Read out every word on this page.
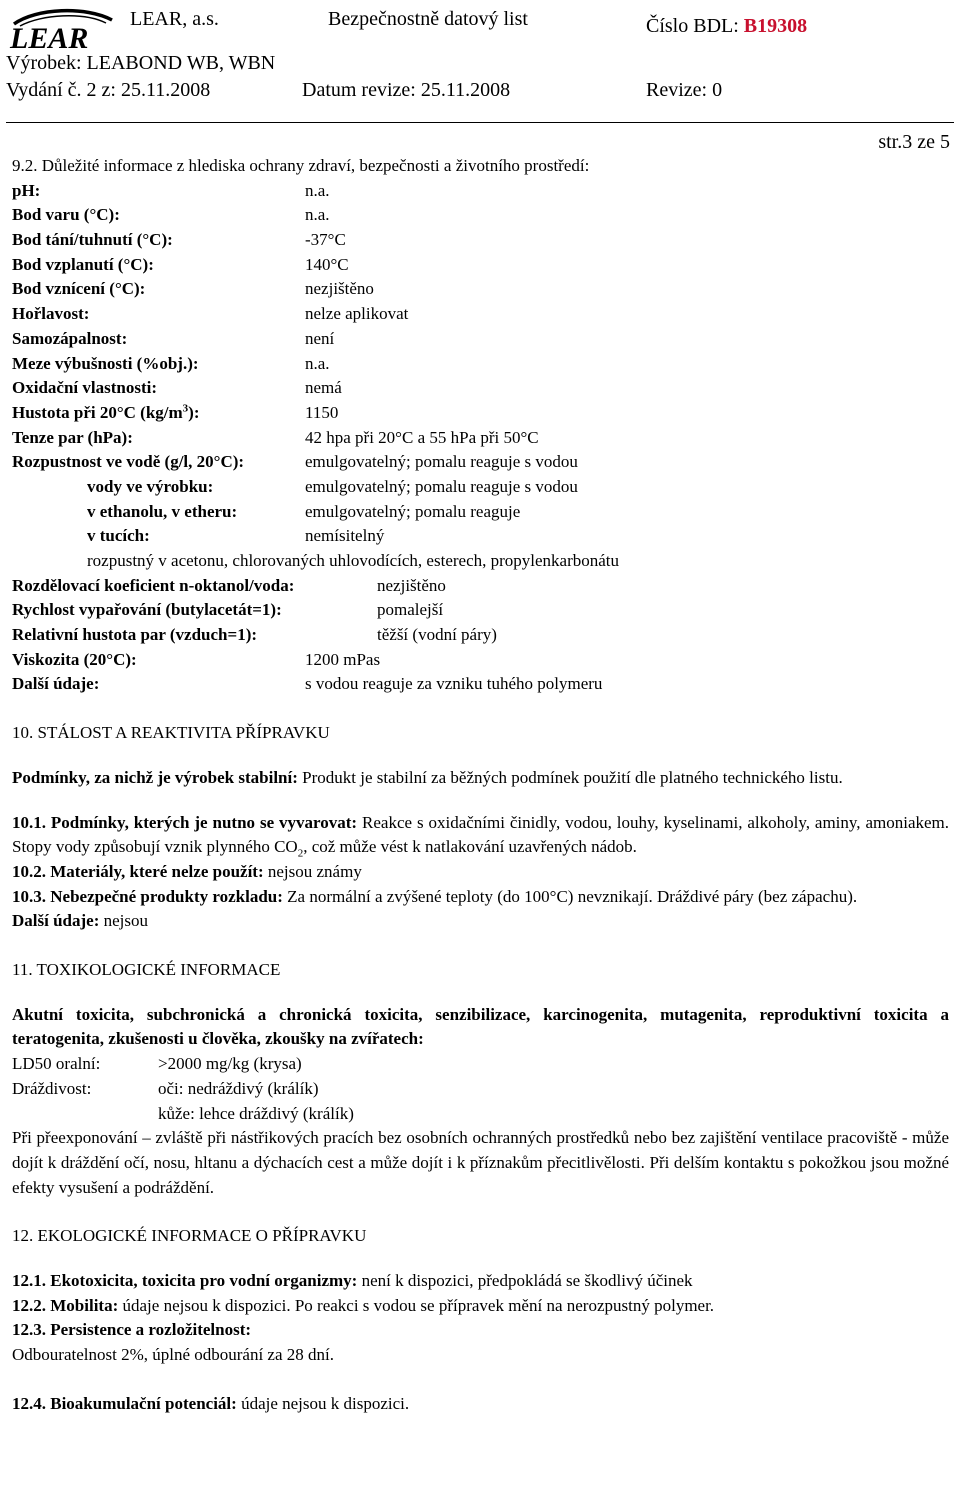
LEAR
LEAR, a.s.	Bezpečnostně datový list	Číslo BDL: B19308
Výrobek: LEABOND WB, WBN
Vydání č. 2 z: 25.11.2008	Datum revize: 25.11.2008	Revize: 0
str.3 ze 5
9.2. Důležité informace z hlediska ochrany zdraví, bezpečnosti a životního prostředí:
pH:	n.a.
Bod varu (°C):	n.a.
Bod tání/tuhnutí (°C):	-37°C
Bod vzplanutí (°C):	140°C
Bod vznícení (°C):	nezjištěno
Hořlavost:	nelze aplikovat
Samozápalnost:	není
Meze výbušnosti (%obj.):	n.a.
Oxidační vlastnosti:	nemá
Hustota při 20°C $(kg/m^3)$:	1150
Tenze par (hPa):	42 hpa při 20°C a 55 hPa při 50°C
Rozpustnost ve vodě (g/l, 20°C):	emulgovatelný; pomalu reaguje s vodou
vody ve výrobku:	emulgovatelný; pomalu reaguje s vodou
v ethanolu, v etheru:	emulgovatelný; pomalu reaguje
v tucích:	nemísitelný
rozpustný v acetonu, chlorovaných uhlovodících, esterech, propylenkarbonátu
Rozdělovací koeficient n-oktanol/voda:	nezjištěno
Rychlost vypařování (butylacetát=1):	pomalejší
Relativní hustota par (vzduch=1):	těžší (vodní páry)
Viskozita (20°C):	1200 mPas
Další údaje:	s vodou reaguje za vzniku tuhého polymeru
10. STÁLOST A REAKTIVITA PŘÍPRAVKU
Podmínky, za nichž je výrobek stabilní: Produkt je stabilní za běžných podmínek použití dle platného technického listu.
10.1. Podmínky, kterých je nutno se vyvarovat: Reakce s oxidačními činidly, vodou, louhy, kyselinami, alkoholy, aminy, amoniakem. Stopy vody způsobují vznik plynného $CO_2$, což může vést k natlakování uzavřených nádob.
10.2. Materiály, které nelze použít: nejsou známy
10.3. Nebezpečné produkty rozkladu: Za normální a zvýšené teploty (do 100°C) nevznikají. Dráždivé páry (bez zápachu).
Další údaje: nejsou
11. TOXIKOLOGICKÉ INFORMACE
Akutní toxicita, subchronická a chronická toxicita, senzibilizace, karcinogenita, mutagenita, reproduktivní toxicita a teratogenita, zkušenosti u člověka, zkoušky na zvířatech:
LD50 oralní:	>2000 mg/kg (krysa)
Dráždivost:	oči: nedráždivý (králík)
kůže: lehce dráždivý (králík)
Při přeexponování – zvláště při nástřikových pracích bez osobních ochranných prostředků nebo bez zajištění ventilace pracoviště - může dojít k dráždění očí, nosu, hltanu a dýchacích cest a může dojít i k příznakům přecitlivělosti. Při delším kontaktu s pokožkou jsou možné efekty vysušení a podráždění.
12. EKOLOGICKÉ INFORMACE O PŘÍPRAVKU
12.1. Ekotoxicita, toxicita pro vodní organizmy: není k dispozici, předpokládá se škodlivý účinek
12.2. Mobilita: údaje nejsou k dispozici. Po reakci s vodou se přípravek mění na nerozpustný polymer.
12.3. Persistence a rozložitelnost:
Odbouratelnost 2%, úplné odbourání za 28 dní.
12.4. Bioakumulační potenciál: údaje nejsou k dispozici.
